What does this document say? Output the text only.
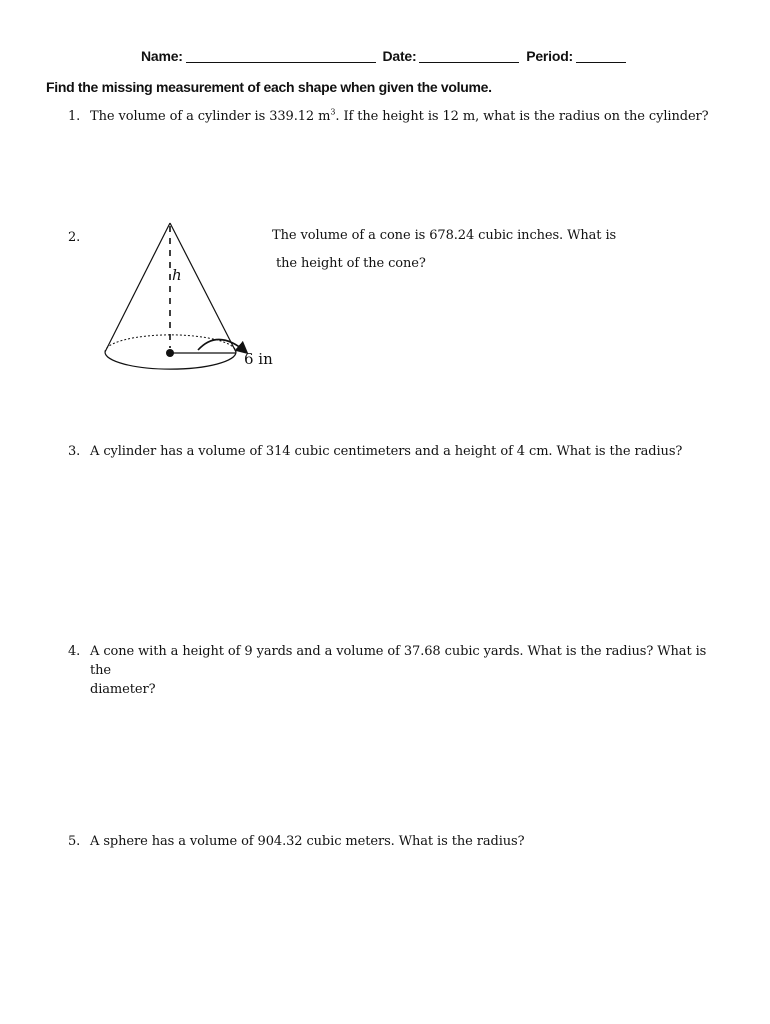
Name:	Date:	Period:
Find the missing measurement of each shape when given the volume.
1. The volume of a cylinder is 339.12 $m^3$. If the height is 12 m, what is the radius on the cylinder?
2.	The volume of a cone is 678.24 cubic inches. What is
the height of the cone?
h
6 in
3. A cylinder has a volume of 314 cubic centimeters and a height of 4 cm. What is the radius?
4. A cone with a height of 9 yards and a volume of 37.68 cubic yards. What is the radius? What is the
diameter?
5. A sphere has a volume of 904.32 cubic meters. What is the radius?
